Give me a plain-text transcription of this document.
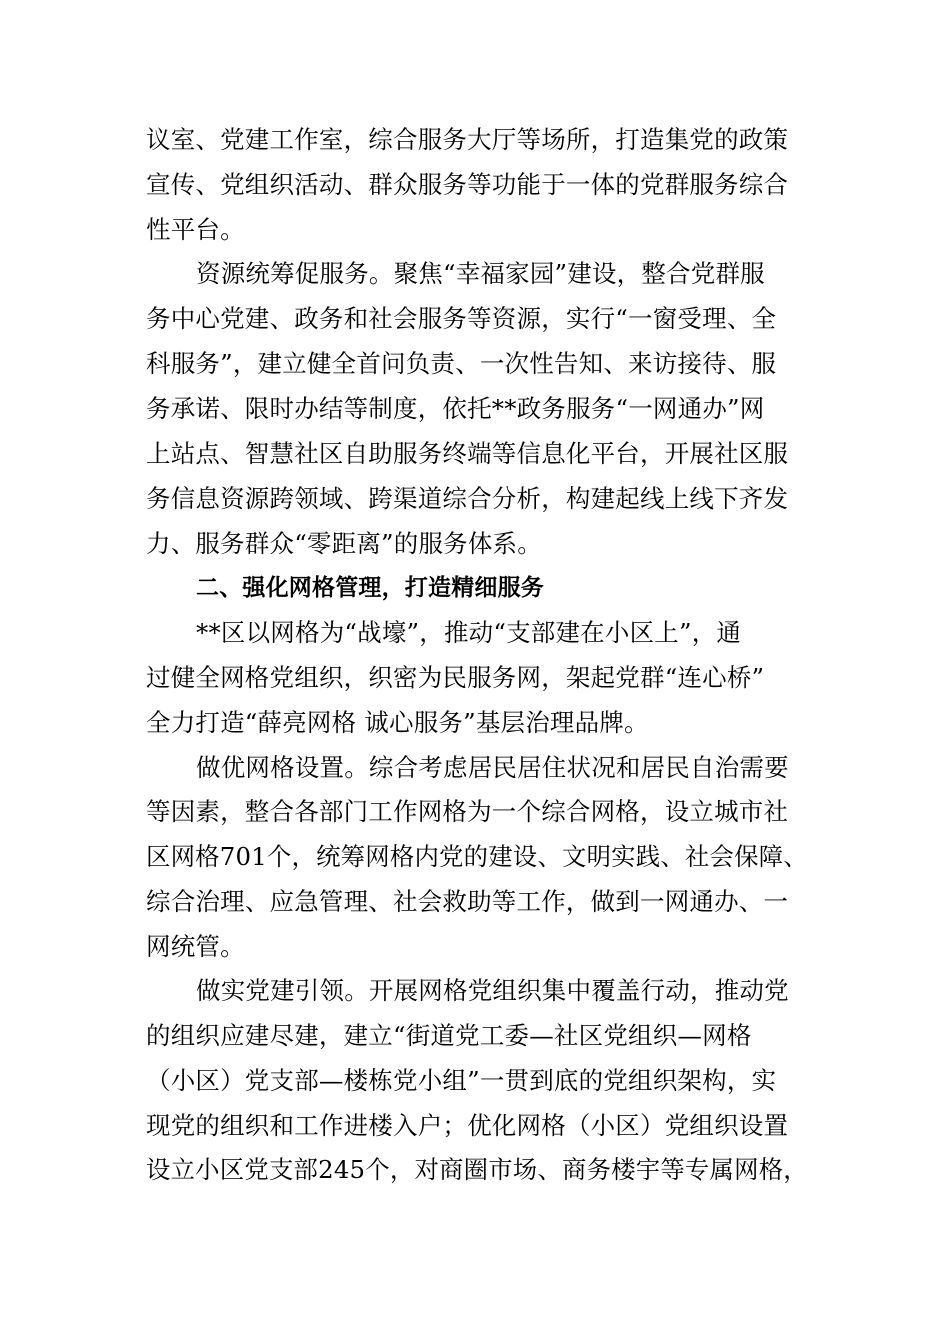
议室、党建工作室，综合服务大厅等场所，打造集党的政策
宣传、党组织活动、群众服务等功能于一体的党群服务综合
性平台。
资源统筹促服务。聚焦“幸福家园”建设，整合党群服
务中心党建、政务和社会服务等资源，实行“一窗受理、全
科服务”，建立健全首问负责、一次性告知、来访接待、服
务承诺、限时办结等制度，依托**政务服务“一网通办”网
上站点、智慧社区自助服务终端等信息化平台，开展社区服
务信息资源跨领域、跨渠道综合分析，构建起线上线下齐发
力、服务群众“零距离”的服务体系。
二、强化网格管理，打造精细服务
**区以网格为“战壕”，推动“支部建在小区上”，通
过健全网格党组织，织密为民服务网，架起党群“连心桥”
全力打造“薛亮网格 诚心服务”基层治理品牌。
做优网格设置。综合考虑居民居住状况和居民自治需要
等因素，整合各部门工作网格为一个综合网格，设立城市社
区网格701个，统筹网格内党的建设、文明实践、社会保障、
综合治理、应急管理、社会救助等工作，做到一网通办、一
网统管。
做实党建引领。开展网格党组织集中覆盖行动，推动党
的组织应建尽建，建立“街道党工委—社区党组织—网格
（小区）党支部—楼栋党小组”一贯到底的党组织架构，实
现党的组织和工作进楼入户；优化网格（小区）党组织设置
设立小区党支部245个，对商圈市场、商务楼宇等专属网格，
